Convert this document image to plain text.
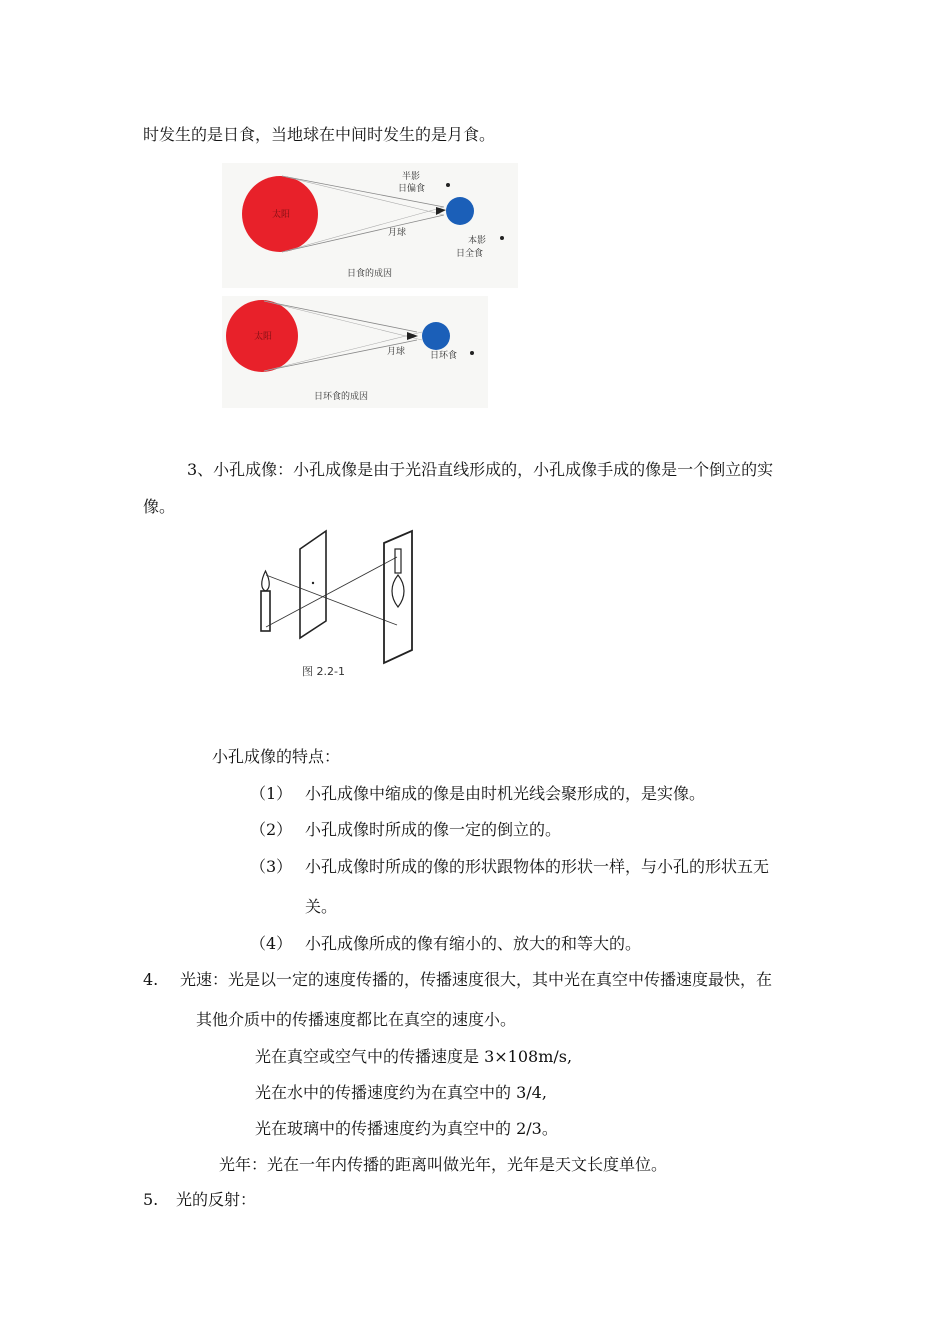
时发生的是日食，当地球在中间时发生的是月食。
太阳
半影
日偏食
月球
本影
日全食
日食的成因
太阳
月球	日环食
日环食的成因
3、小孔成像：小孔成像是由于光沿直线形成的，小孔成像手成的像是一个倒立的实
像。
图 2.2-1
小孔成像的特点：
（1） 小孔成像中缩成的像是由时机光线会聚形成的，是实像。
（2） 小孔成像时所成的像一定的倒立的。
（3） 小孔成像时所成的像的形状跟物体的形状一样，与小孔的形状五无
关。
（4） 小孔成像所成的像有缩小的、放大的和等大的。
4. 光速：光是以一定的速度传播的，传播速度很大，其中光在真空中传播速度最快，在
其他介质中的传播速度都比在真空的速度小。
光在真空或空气中的传播速度是 3×108m/s,
光在水中的传播速度约为在真空中的 3/4,
光在玻璃中的传播速度约为真空中的 2/3。
光年：光在一年内传播的距离叫做光年，光年是天文长度单位。
5. 光的反射：
